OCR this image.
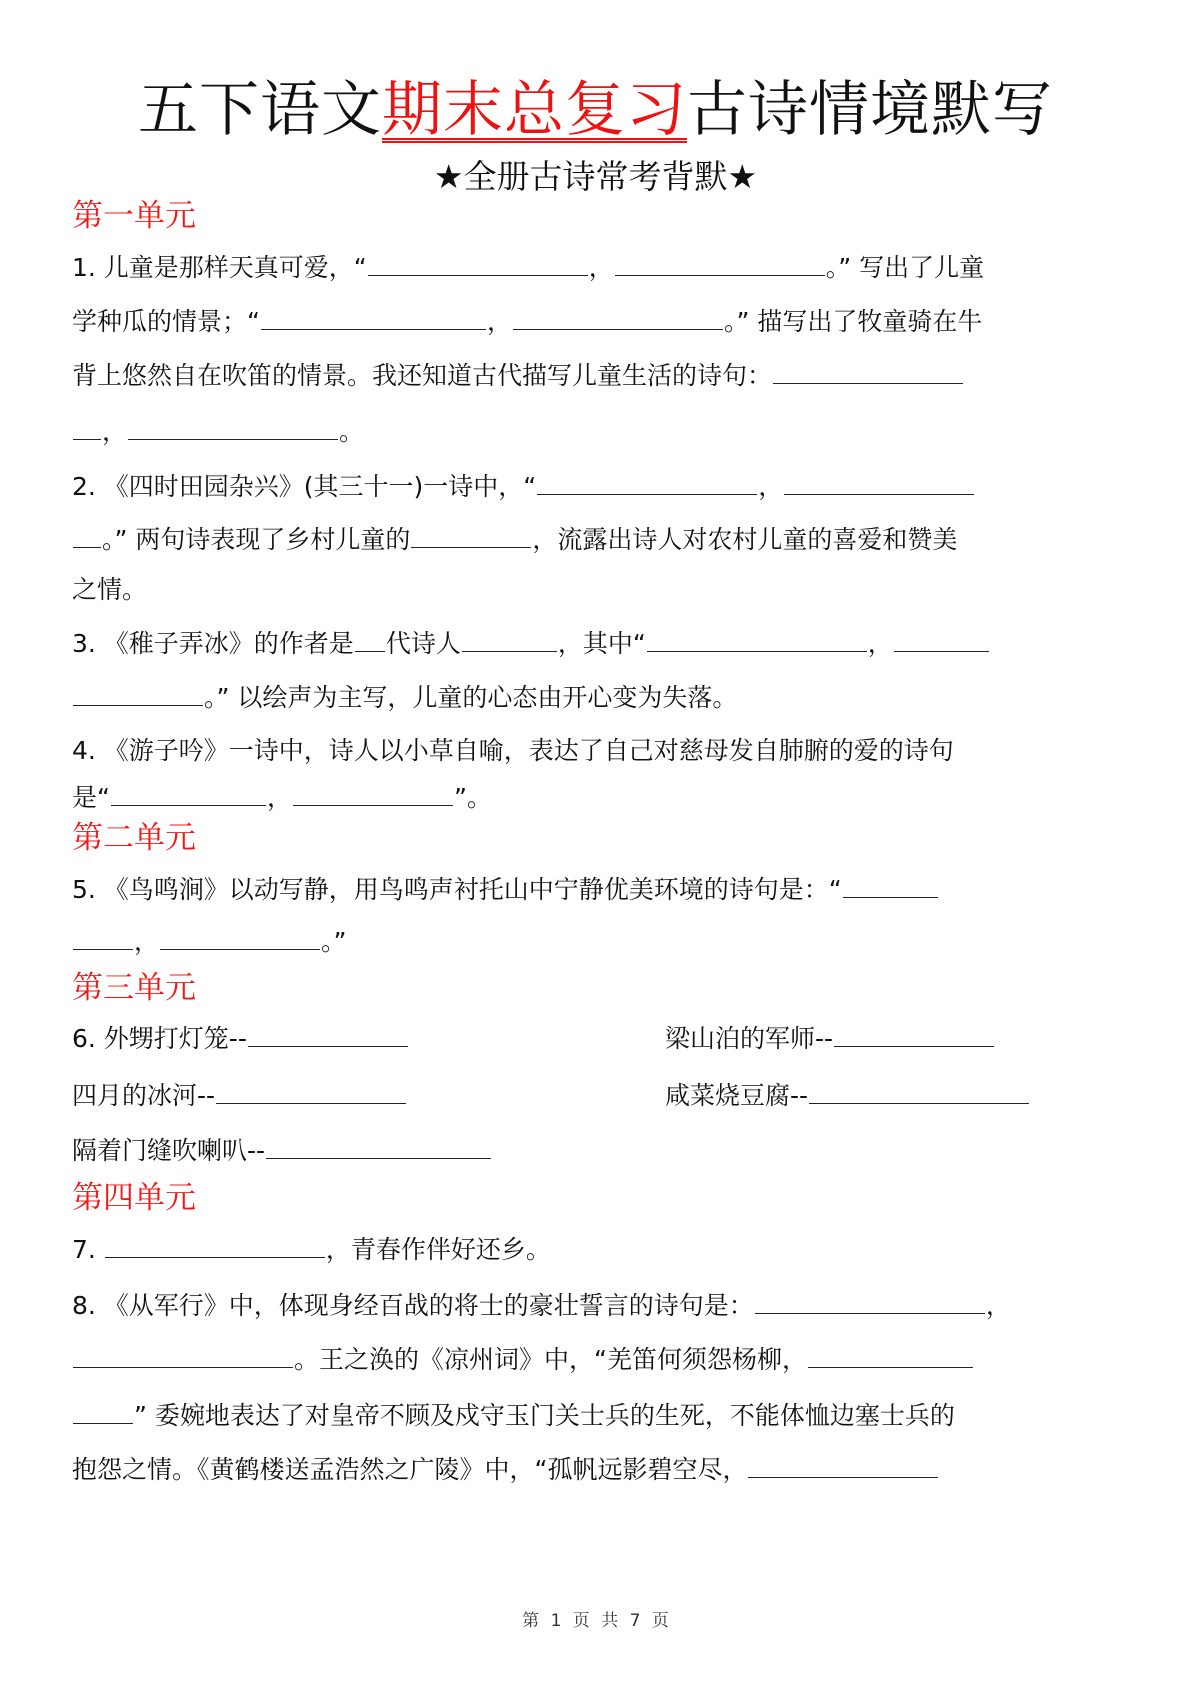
五下语文期末总复习古诗情境默写
★全册古诗常考背默★
第一单元
1. 儿童是那样天真可爱，“	，	。” 写出了儿童
学种瓜的情景；“	，	。” 描写出了牧童骑在牛
背上悠然自在吹笛的情景。我还知道古代描写儿童生活的诗句：
，	。
2. 《四时田园杂兴》(其三十一)一诗中，“	，
。” 两句诗表现了乡村儿童的	，流露出诗人对农村儿童的喜爱和赞美
之情。
3. 《稚子弄冰》的作者是 代诗人	，其中“	，
。” 以绘声为主写，儿童的心态由开心变为失落。
4. 《游子吟》一诗中，诗人以小草自喻，表达了自己对慈母发自肺腑的爱的诗句
是“	，	”。
第二单元
5. 《鸟鸣涧》以动写静，用鸟鸣声衬托山中宁静优美环境的诗句是：“
，	。”
第三单元
6. 外甥打灯笼--	梁山泊的军师--
四月的冰河--	咸菜烧豆腐--
隔着门缝吹喇叭--
第四单元
7.	，青春作伴好还乡。
8. 《从军行》中，体现身经百战的将士的豪壮誓言的诗句是：	，
。王之涣的《凉州词》中，“羌笛何须怨杨柳，
” 委婉地表达了对皇帝不顾及戍守玉门关士兵的生死，不能体恤边塞士兵的
抱怨之情。《黄鹤楼送孟浩然之广陵》中，“孤帆远影碧空尽，
第 1 页 共 7 页
